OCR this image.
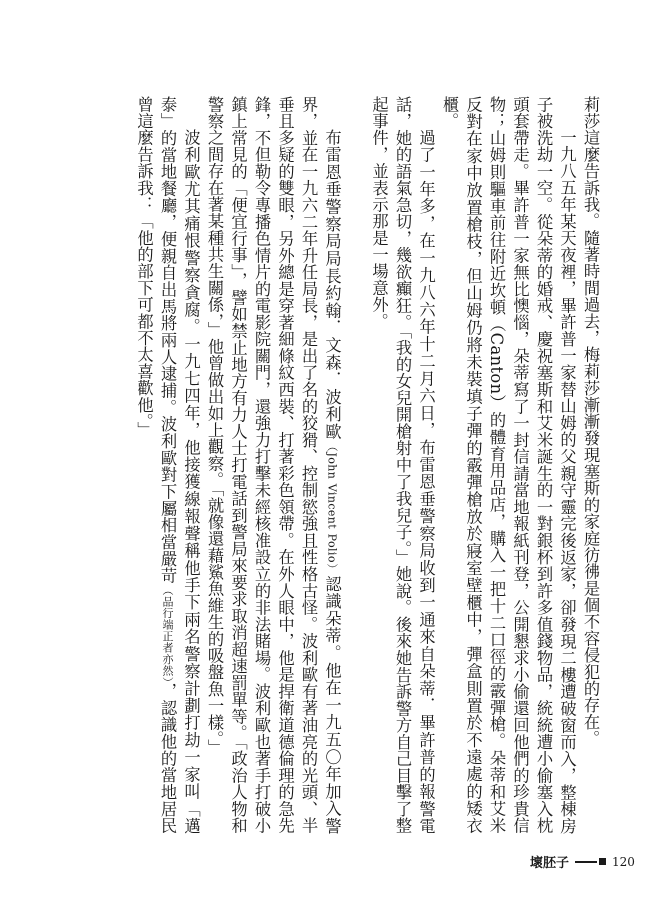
莉莎這麼告訴我。隨著時間過去，梅莉莎漸漸發現塞斯的家庭彷彿是個不容侵犯的存在。

一九八五年某天夜裡，畢許普一家替山姆的父親守靈完後返家，卻發現二樓遭破窗而入，整棟房子被洗劫一空。從朵蒂的婚戒、慶祝塞斯和艾米誕生的一對銀杯到許多值錢物品，統統遭小偷塞入枕頭套帶走。畢許普一家無比懊惱，朵蒂寫了一封信請當地報紙刊登，公開懇求小偷還回他們的珍貴信物；山姆則驅車前往附近坎頓（Canton）的體育用品店，購入一把十二口徑的霰彈槍。朵蒂和艾米反對在家中放置槍枝，但山姆仍將未裝填子彈的霰彈槍放於寢室壁櫃中，彈盒則置於不遠處的矮衣櫃。

過了一年多，在一九八六年十二月六日，布雷恩垂警察局收到一通來自朵蒂．畢許普的報警電話，她的語氣急切，幾欲癲狂。「我的女兒開槍射中了我兒子。」她說。後來她告訴警方自己目擊了整起事件，並表示那是一場意外。

布雷恩垂警察局局長約翰．文森．波利歐（John Vincent Polio）認識朵蒂。他在一九五〇年加入警界，並在一九六二年升任局長，是出了名的狡猾、控制慾強且性格古怪。波利歐有著油亮的光頭、半垂且多疑的雙眼，另外總是穿著細條紋西裝、打著彩色領帶。在外人眼中，他是捍衛道德倫理的急先鋒，不但勒令專播色情片的電影院關門，還強力打擊未經核准設立的非法賭場。波利歐也著手打破小鎮上常見的「便宜行事」，譬如禁止地方有力人士打電話到警局來要求取消超速罰單等。「政治人物和警察之間存在著某種共生關係，」他曾做出如上觀察。「就像還藉鯊魚維生的吸盤魚一樣。」

波利歐尤其痛恨警察貪腐。一九七四年，他接獲線報聲稱他手下兩名警察計劃打劫一家叫「邁泰」的當地餐廳，便親自出馬將兩人逮捕。波利歐對下屬相當嚴苛（品行端正者亦然），認識他的當地居民曾這麼告訴我：「他的部下可都不太喜歡他。」

壞胚子	120
